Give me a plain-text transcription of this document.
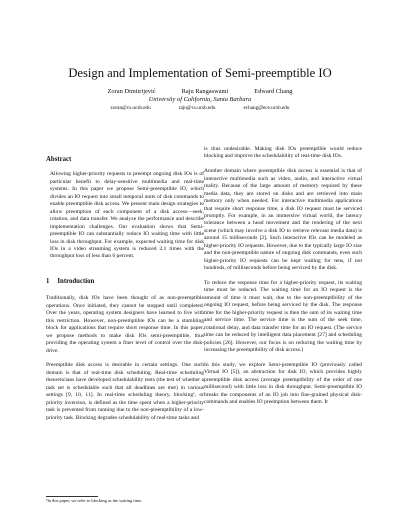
Design and Implementation of Semi-preemptible IO
Zoran Dimitrijević	Raju Rangaswami	Edward Chang
University of California, Santa Barbara
zoran@cs.ucsb.edu	raju@cs.ucsb.edu	echang@ece.ucsb.edu
Abstract

Allowing higher-priority requests to preempt ongoing disk IOs is of particular benefit to delay-sensitive multimedia and real-time systems. In this paper we propose Semi-preemptible IO, which divides an IO request into small temporal units of disk commands to enable preemptible disk access. We present main design strategies to allow preemption of each component of a disk access—seek, rotation, and data transfer. We analyze the performance and describe implementation challenges. Our evaluation shows that Semi-preemptible IO can substantially reduce IO waiting time with little loss in disk throughput. For example, expected waiting time for disk IOs in a video streaming system is reduced 2.1 times with the throughput loss of less than 6 percent.

1 Introduction

Traditionally, disk IOs have been thought of as non-preemptible operations. Once initiated, they cannot be stopped until completed. Over the years, operating system designers have learned to live with this restriction. However, non-preemptible IOs can be a stumbling block for applications that require short response time. In this paper, we propose methods to make disk IOs semi-preemptible, thus providing the operating system a finer level of control over the disk-drive.

Preemptible disk access is desirable in certain settings. One such domain is that of real-time disk scheduling. Real-time scheduling theoreticians have developed schedulability tests (the test of whether a task set is schedulable such that all deadlines are met) in various settings [9, 10, 11]. In real-time scheduling theory, blocking¹, or priority inversion, is defined as the time spent when a higher-priority task is prevented from running due to the non-preemptibility of a low-priority task. Blocking degrades schedulability of real-time tasks and

is thus undesirable. Making disk IOs preemptible would reduce blocking and improve the schedulability of real-time disk IOs.

Another domain where preemptible disk access is essential is that of interactive multimedia such as video, audio, and interactive virtual reality. Because of the large amount of memory required by these media data, they are stored on disks and are retrieved into main memory only when needed. For interactive multimedia applications that require short response time, a disk IO request must be serviced promptly. For example, in an immersive virtual world, the latency tolerance between a head movement and the rendering of the next scene (which may involve a disk IO to retrieve relevant media data) is around 15 milliseconds [2]. Such interactive IOs can be modeled as higher-priority IO requests. However, due to the typically large IO size and the non-preemptible nature of ongoing disk commands, even such higher-priority IO requests can be kept waiting for tens, if not hundreds, of milliseconds before being serviced by the disk.

To reduce the response time for a higher-priority request, its waiting time must be reduced. The waiting time for an IO request is the amount of time it must wait, due to the non-preemptibility of the ongoing IO request, before being serviced by the disk. The response time for the higher-priority request is then the sum of its waiting time and service time. The service time is the sum of the seek time, rotational delay, and data transfer time for an IO request. (The service time can be reduced by intelligent data placement [27] and scheduling policies [26]. However, our focus is on reducing the waiting time by increasing the preemptibility of disk access.)

In this study, we explore Semi-preemptible IO (previously called Virtual IO [5]), an abstraction for disk IO, which provides highly preemptible disk access (average preemptibility of the order of one millisecond) with little loss in disk throughput. Semi-preemptible IO breaks the components of an IO job into fine-grained physical disk-commands and enables IO preemption between them. It

¹In this paper, we refer to blocking as the waiting time.
